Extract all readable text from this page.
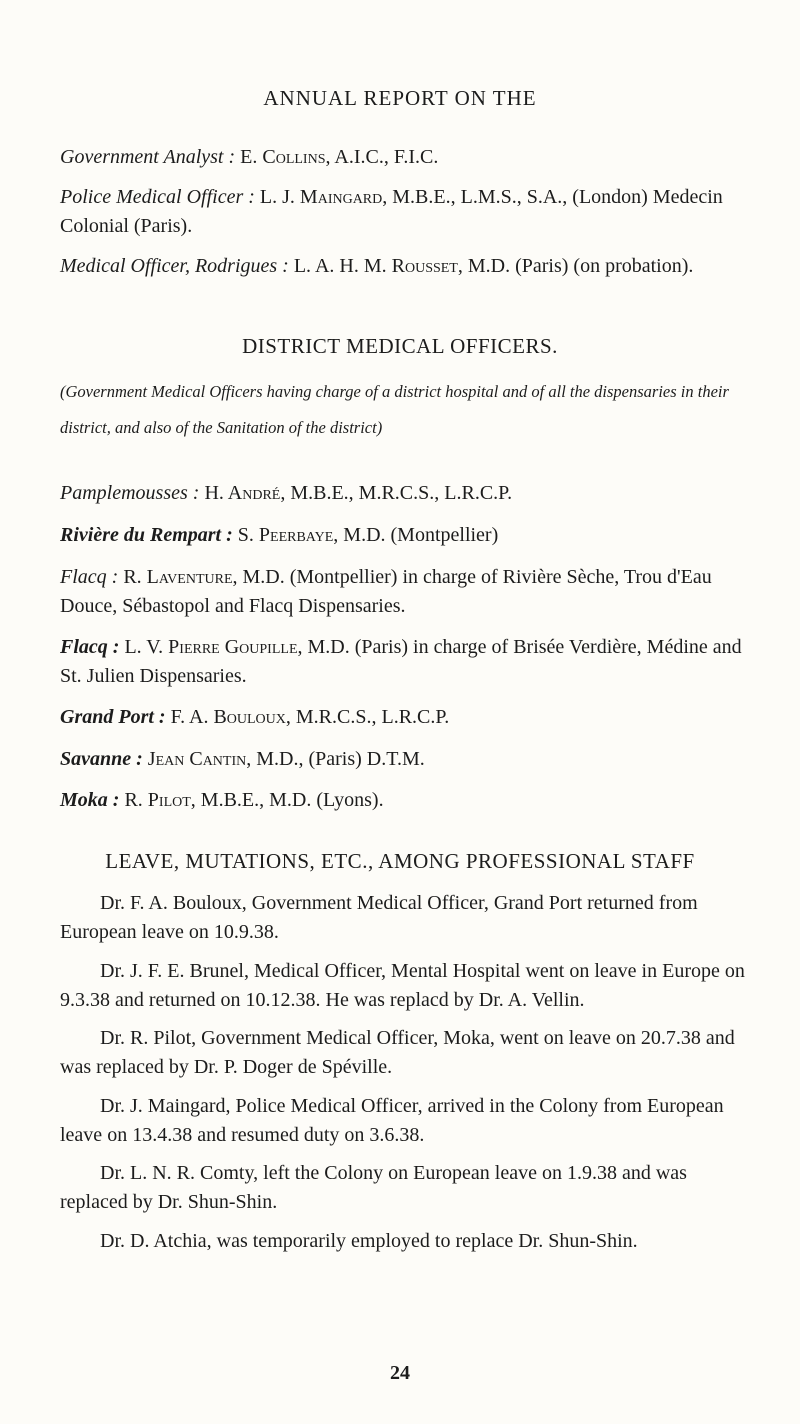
ANNUAL REPORT ON THE
Government Analyst : E. Collins, A.I.C., F.I.C.
Police Medical Officer : L. J. Maingard, M.B.E., L.M.S., S.A., (London) Medecin Colonial (Paris).
Medical Officer, Rodrigues : L. A. H. M. Rousset, M.D. (Paris) (on probation).
DISTRICT MEDICAL OFFICERS.
(Government Medical Officers having charge of a district hospital and of all the dispensaries in their district, and also of the Sanitation of the district)
Pamplemousses : H. André, M.B.E., M.R.C.S., L.R.C.P.
Rivière du Rempart : S. Peerbaye, M.D. (Montpellier)
Flacq : R. Laventure, M.D. (Montpellier) in charge of Rivière Sèche, Trou d'Eau Douce, Sébastopol and Flacq Dispensaries.
Flacq : L. V. Pierre Goupille, M.D. (Paris) in charge of Brisée Verdière, Médine and St. Julien Dispensaries.
Grand Port : F. A. Bouloux, M.R.C.S., L.R.C.P.
Savanne : Jean Cantin, M.D., (Paris) D.T.M.
Moka : R. Pilot, M.B.E., M.D. (Lyons).
LEAVE, MUTATIONS, ETC., AMONG PROFESSIONAL STAFF
Dr. F. A. Bouloux, Government Medical Officer, Grand Port returned from European leave on 10.9.38.
Dr. J. F. E. Brunel, Medical Officer, Mental Hospital went on leave in Europe on 9.3.38 and returned on 10.12.38. He was replacd by Dr. A. Vellin.
Dr. R. Pilot, Government Medical Officer, Moka, went on leave on 20.7.38 and was replaced by Dr. P. Doger de Spéville.
Dr. J. Maingard, Police Medical Officer, arrived in the Colony from European leave on 13.4.38 and resumed duty on 3.6.38.
Dr. L. N. R. Comty, left the Colony on European leave on 1.9.38 and was replaced by Dr. Shun-Shin.
Dr. D. Atchia, was temporarily employed to replace Dr. Shun-Shin.
24
